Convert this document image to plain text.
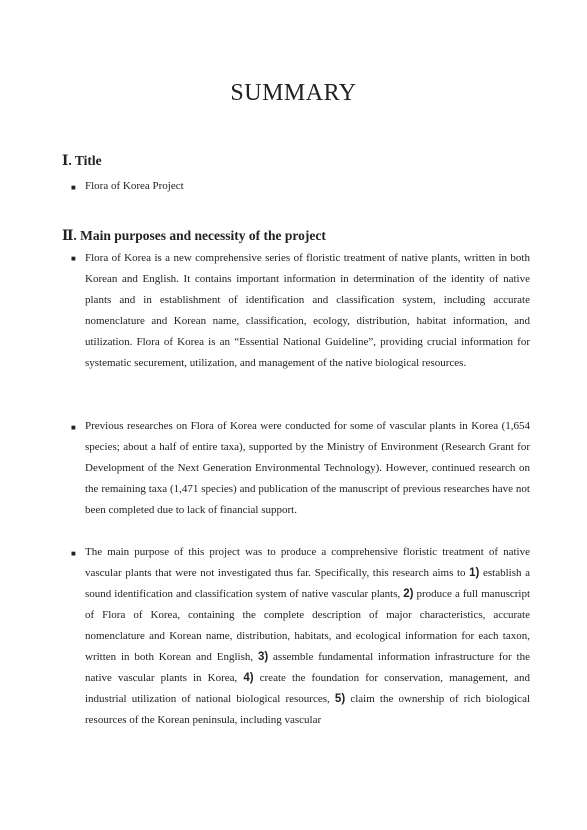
SUMMARY
Ⅰ. Title
■ Flora of Korea Project
Ⅱ. Main purposes and necessity of the project
■ Flora of Korea is a new comprehensive series of floristic treatment of native plants, written in both Korean and English. It contains important information in determination of the identity of native plants and in establishment of identification and classification system, including accurate nomenclature and Korean name, classification, ecology, distribution, habitat information, and utilization. Flora of Korea is an “Essential National Guideline”, providing crucial information for systematic securement, utilization, and management of the native biological resources.
■ Previous researches on Flora of Korea were conducted for some of vascular plants in Korea (1,654 species; about a half of entire taxa), supported by the Ministry of Environment (Research Grant for Development of the Next Generation Environmental Technology). However, continued research on the remaining taxa (1,471 species) and publication of the manuscript of previous researches have not been completed due to lack of financial support.
■ The main purpose of this project was to produce a comprehensive floristic treatment of native vascular plants that were not investigated thus far. Specifically, this research aims to 1) establish a sound identification and classification system of native vascular plants, 2) produce a full manuscript of Flora of Korea, containing the complete description of major characteristics, accurate nomenclature and Korean name, distribution, habitats, and ecological information for each taxon, written in both Korean and English, 3) assemble fundamental information infrastructure for the native vascular plants in Korea, 4) create the foundation for conservation, management, and industrial utilization of national biological resources, 5) claim the ownership of rich biological resources of the Korean peninsula, including vascular
